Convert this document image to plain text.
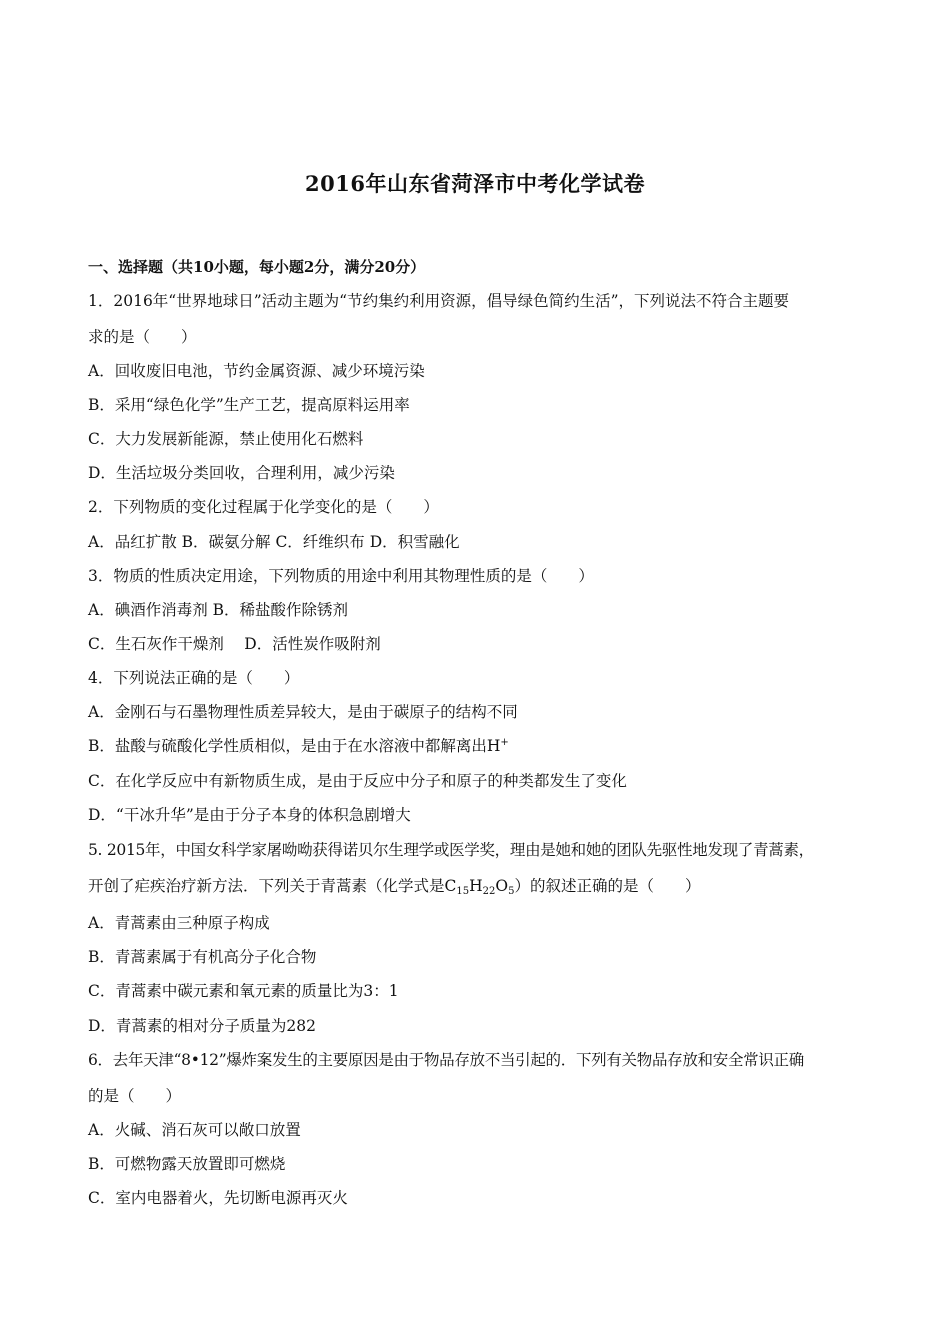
2016年山东省菏泽市中考化学试卷
一、选择题（共10小题，每小题2分，满分20分）
1．2016年“世界地球日”活动主题为“节约集约利用资源，倡导绿色简约生活”，下列说法不符合主题要
求的是（　　）
A．回收废旧电池，节约金属资源、减少环境污染
B．采用“绿色化学”生产工艺，提高原料运用率
C．大力发展新能源，禁止使用化石燃料
D．生活垃圾分类回收，合理利用，减少污染
2．下列物质的变化过程属于化学变化的是（　　）
A．品红扩散 B．碳氨分解 C．纤维织布 D．积雪融化
3．物质的性质决定用途，下列物质的用途中利用其物理性质的是（　　）
A．碘酒作消毒剂 B．稀盐酸作除锈剂
C．生石灰作干燥剂　 D．活性炭作吸附剂
4．下列说法正确的是（　　）
A．金刚石与石墨物理性质差异较大，是由于碳原子的结构不同
B．盐酸与硫酸化学性质相似，是由于在水溶液中都解离出H+
C．在化学反应中有新物质生成，是由于反应中分子和原子的种类都发生了变化
D．“干冰升华”是由于分子本身的体积急剧增大
5. 2015年，中国女科学家屠呦呦获得诺贝尔生理学或医学奖，理由是她和她的团队先驱性地发现了青蒿素，
开创了疟疾治疗新方法．下列关于青蒿素（化学式是$C_{15}H_{22}O_5$）的叙述正确的是（　　）
A．青蒿素由三种原子构成
B．青蒿素属于有机高分子化合物
C．青蒿素中碳元素和氧元素的质量比为3：1
D．青蒿素的相对分子质量为282
6．去年天津“8•12”爆炸案发生的主要原因是由于物品存放不当引起的．下列有关物品存放和安全常识正确
的是（　　）
A．火碱、消石灰可以敞口放置
B．可燃物露天放置即可燃烧
C．室内电器着火，先切断电源再灭火
